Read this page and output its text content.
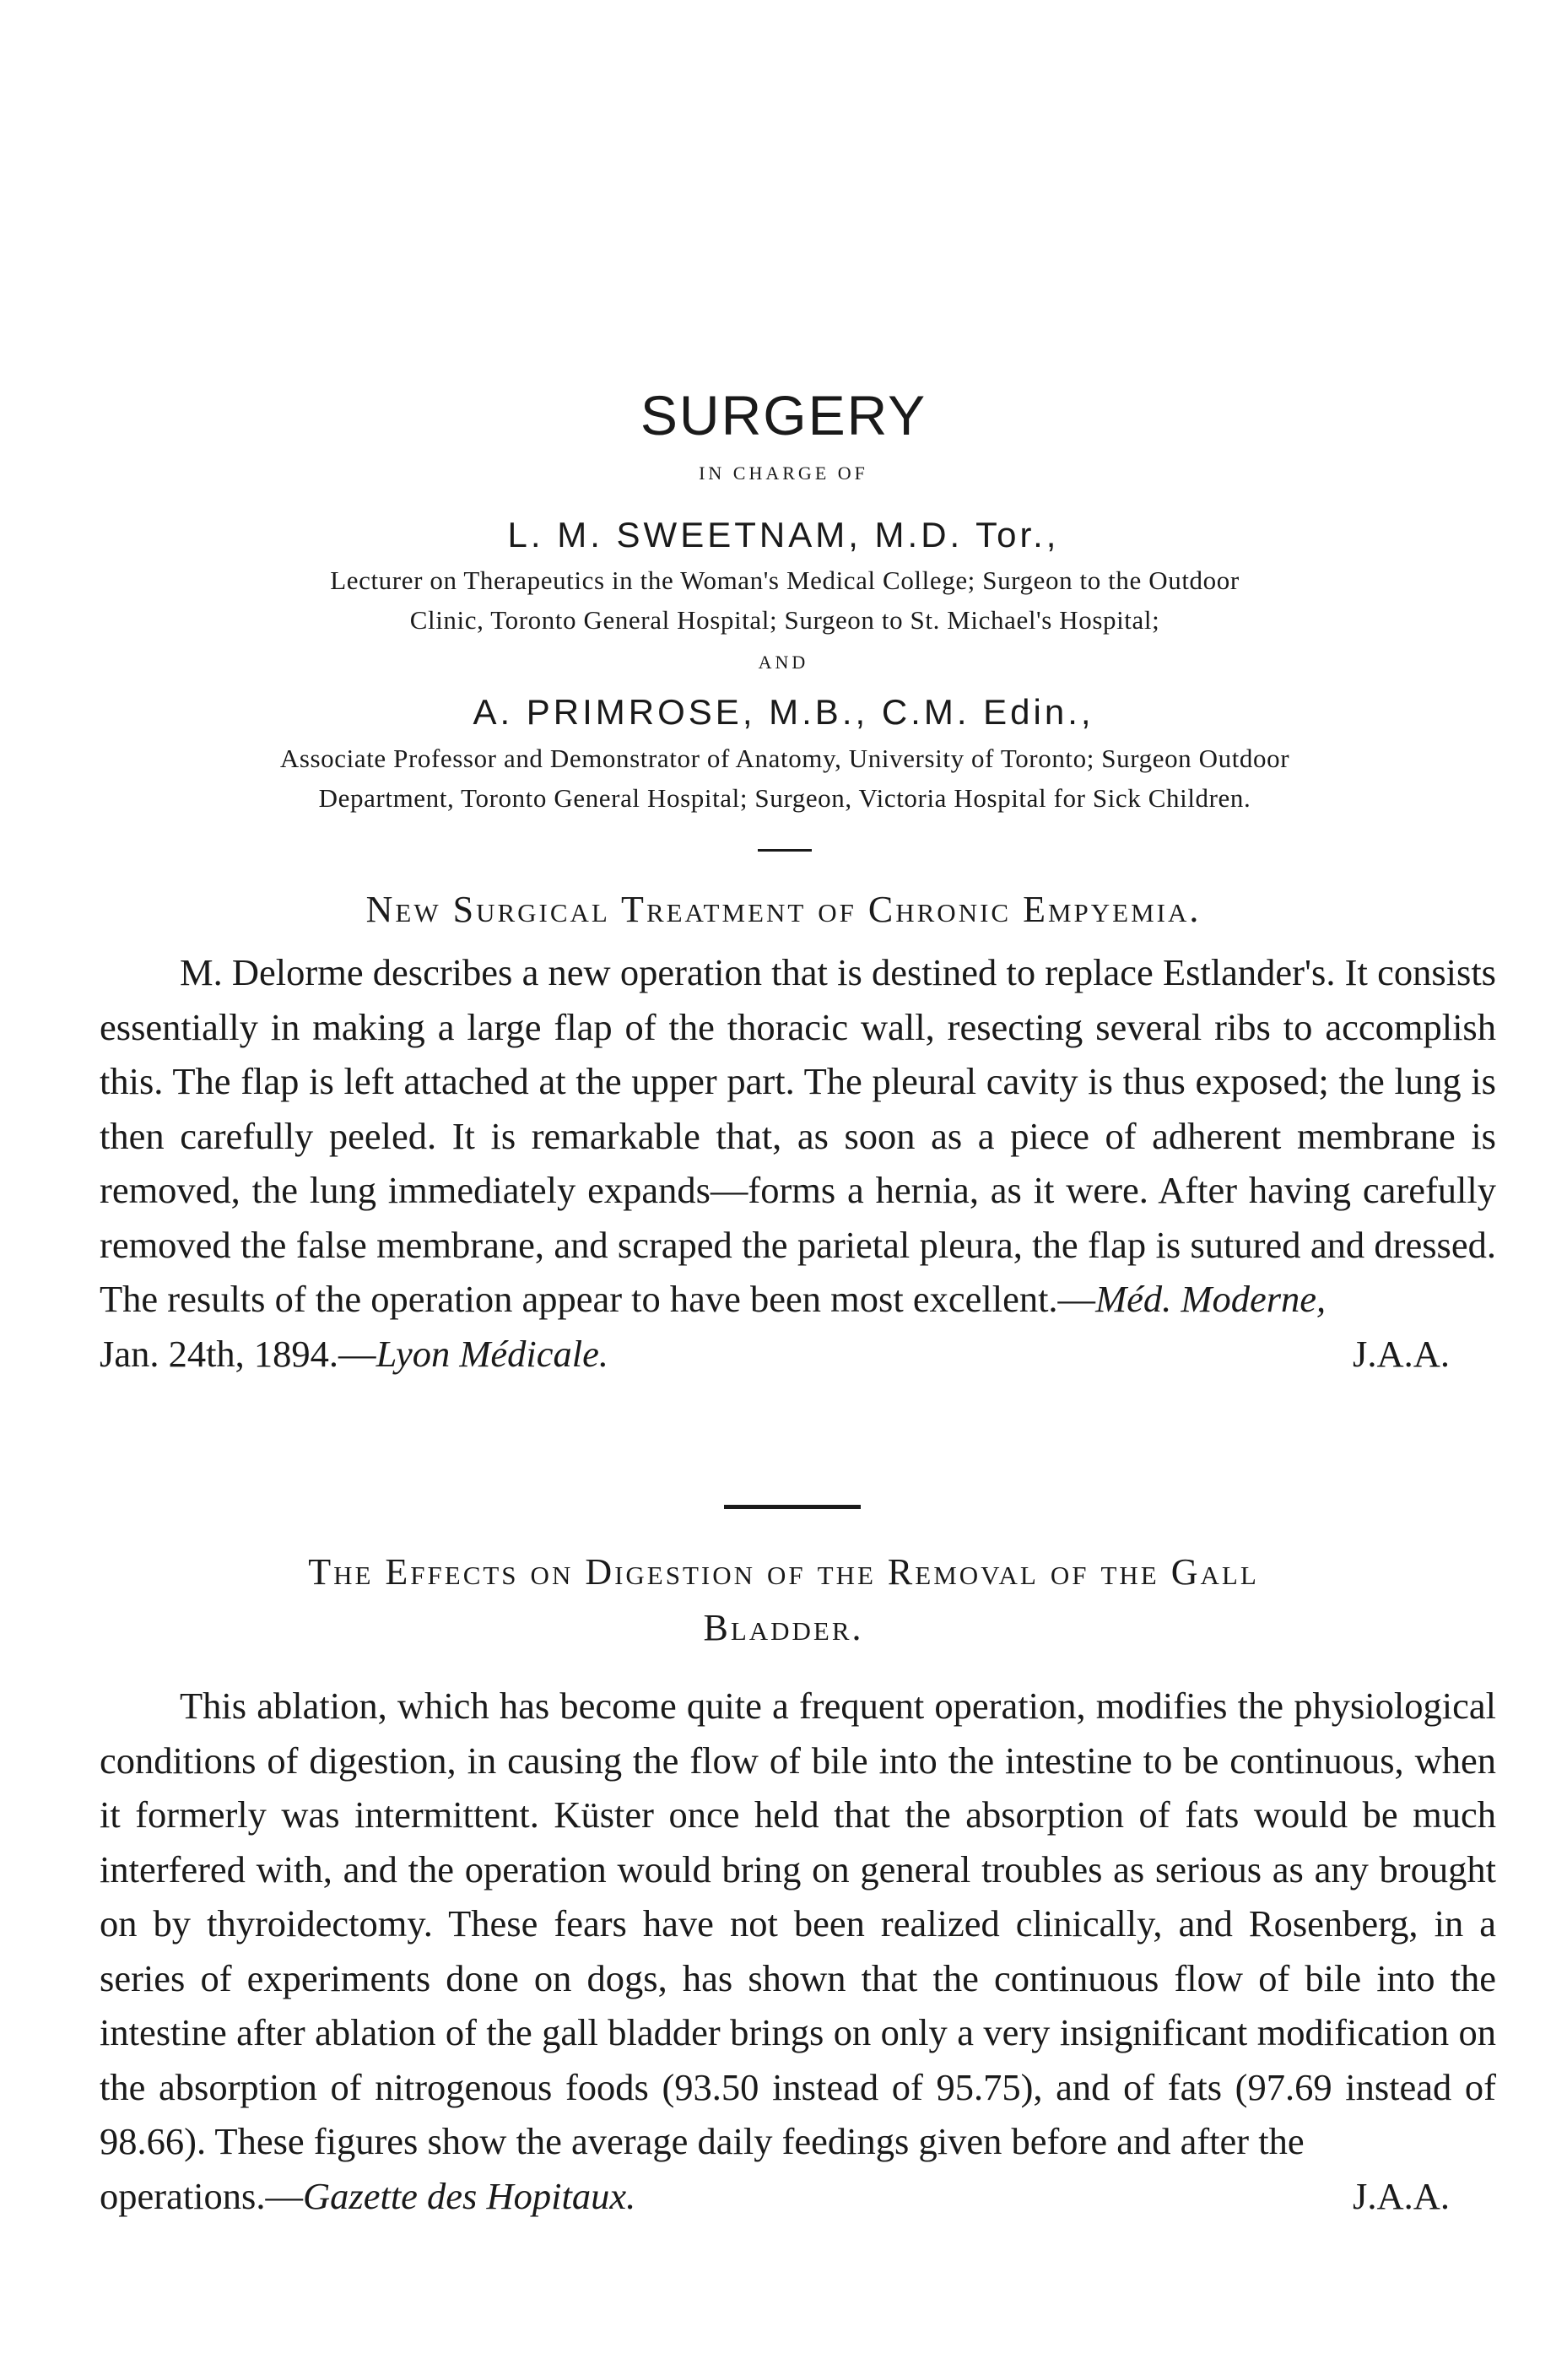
SURGERY
IN CHARGE OF
L. M. SWEETNAM, M.D. Tor.,
Lecturer on Therapeutics in the Woman's Medical College; Surgeon to the Outdoor
Clinic, Toronto General Hospital; Surgeon to St. Michael's Hospital;
AND
A. PRIMROSE, M.B., C.M. Edin.,
Associate Professor and Demonstrator of Anatomy, University of Toronto; Surgeon Outdoor
Department, Toronto General Hospital; Surgeon, Victoria Hospital for Sick Children.
New Surgical Treatment of Chronic Empyemia.

M. Delorme describes a new operation that is destined to replace Estlander's. It consists essentially in making a large flap of the thoracic wall, resecting several ribs to accomplish this. The flap is left attached at the upper part. The pleural cavity is thus exposed; the lung is then carefully peeled. It is remarkable that, as soon as a piece of adherent membrane is removed, the lung immediately expands—forms a hernia, as it were. After having carefully removed the false membrane, and scraped the parietal pleura, the flap is sutured and dressed. The results of the operation appear to have been most excellent.—Méd. Moderne,

Jan. 24th, 1894.—Lyon Médicale.	J.A.A.
The Effects on Digestion of the Removal of the Gall
Bladder.

This ablation, which has become quite a frequent operation, modifies the physiological conditions of digestion, in causing the flow of bile into the intestine to be continuous, when it formerly was intermittent. Küster once held that the absorption of fats would be much interfered with, and the operation would bring on general troubles as serious as any brought on by thyroidectomy. These fears have not been realized clinically, and Rosenberg, in a series of experiments done on dogs, has shown that the continuous flow of bile into the intestine after ablation of the gall bladder brings on only a very insignificant modification on the absorption of nitrogenous foods (93.50 instead of 95.75), and of fats (97.69 instead of 98.66). These figures show the average daily feedings given before and after the

operations.—Gazette des Hopitaux.	J.A.A.
